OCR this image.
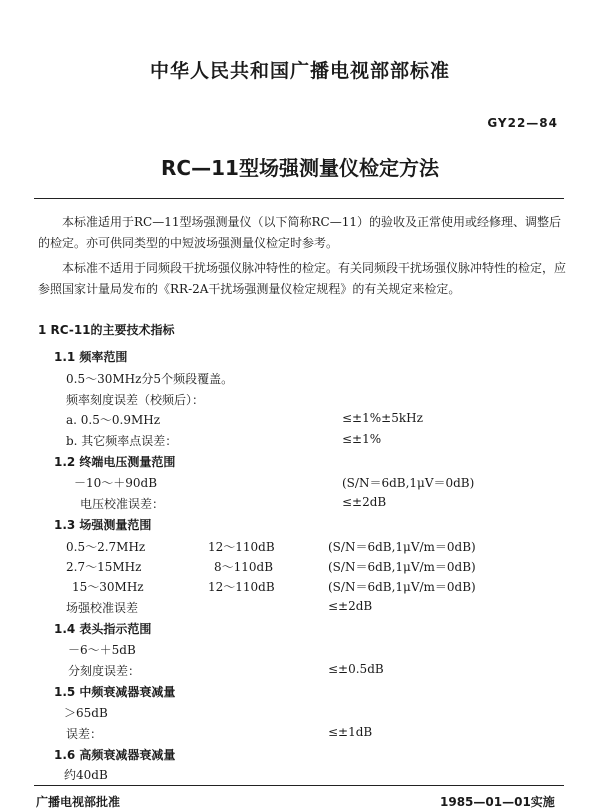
中华人民共和国广播电视部部标准
GY22—84
RC—11型场强测量仪检定方法
本标准适用于RC—11型场强测量仪（以下简称RC—11）的验收及正常使用或经修理、调整后的检定。亦可供同类型的中短波场强测量仪检定时参考。
本标准不适用于同频段干扰场强仪脉冲特性的检定。有关同频段干扰场强仪脉冲特性的检定，应参照国家计量局发布的《RR-2A干扰场强测量仪检定规程》的有关规定来检定。
1 RC-11的主要技术指标
1.1 频率范围
0.5～30MHz分5个频段覆盖。
频率刻度误差（校频后）：
a. 0.5～0.9MHz	≤±1%±5kHz
b. 其它频率点误差：	≤±1%
1.2 终端电压测量范围
－10～＋90dB	(S/N＝6dB,1μV＝0dB)
电压校准误差：	≤±2dB
1.3 场强测量范围
0.5～2.7MHz	12～110dB	(S/N＝6dB,1μV/m＝0dB)
2.7～15MHz	8～110dB	(S/N＝6dB,1μV/m＝0dB)
15～30MHz	12～110dB	(S/N＝6dB,1μV/m＝0dB)
场强校准误差	≤±2dB
1.4 表头指示范围
－6～＋5dB
分刻度误差：	≤±0.5dB
1.5 中频衰减器衰减量
＞65dB
误差：	≤±1dB
1.6 高频衰减器衰减量
约40dB
广播电视部批准	1985—01—01实施
